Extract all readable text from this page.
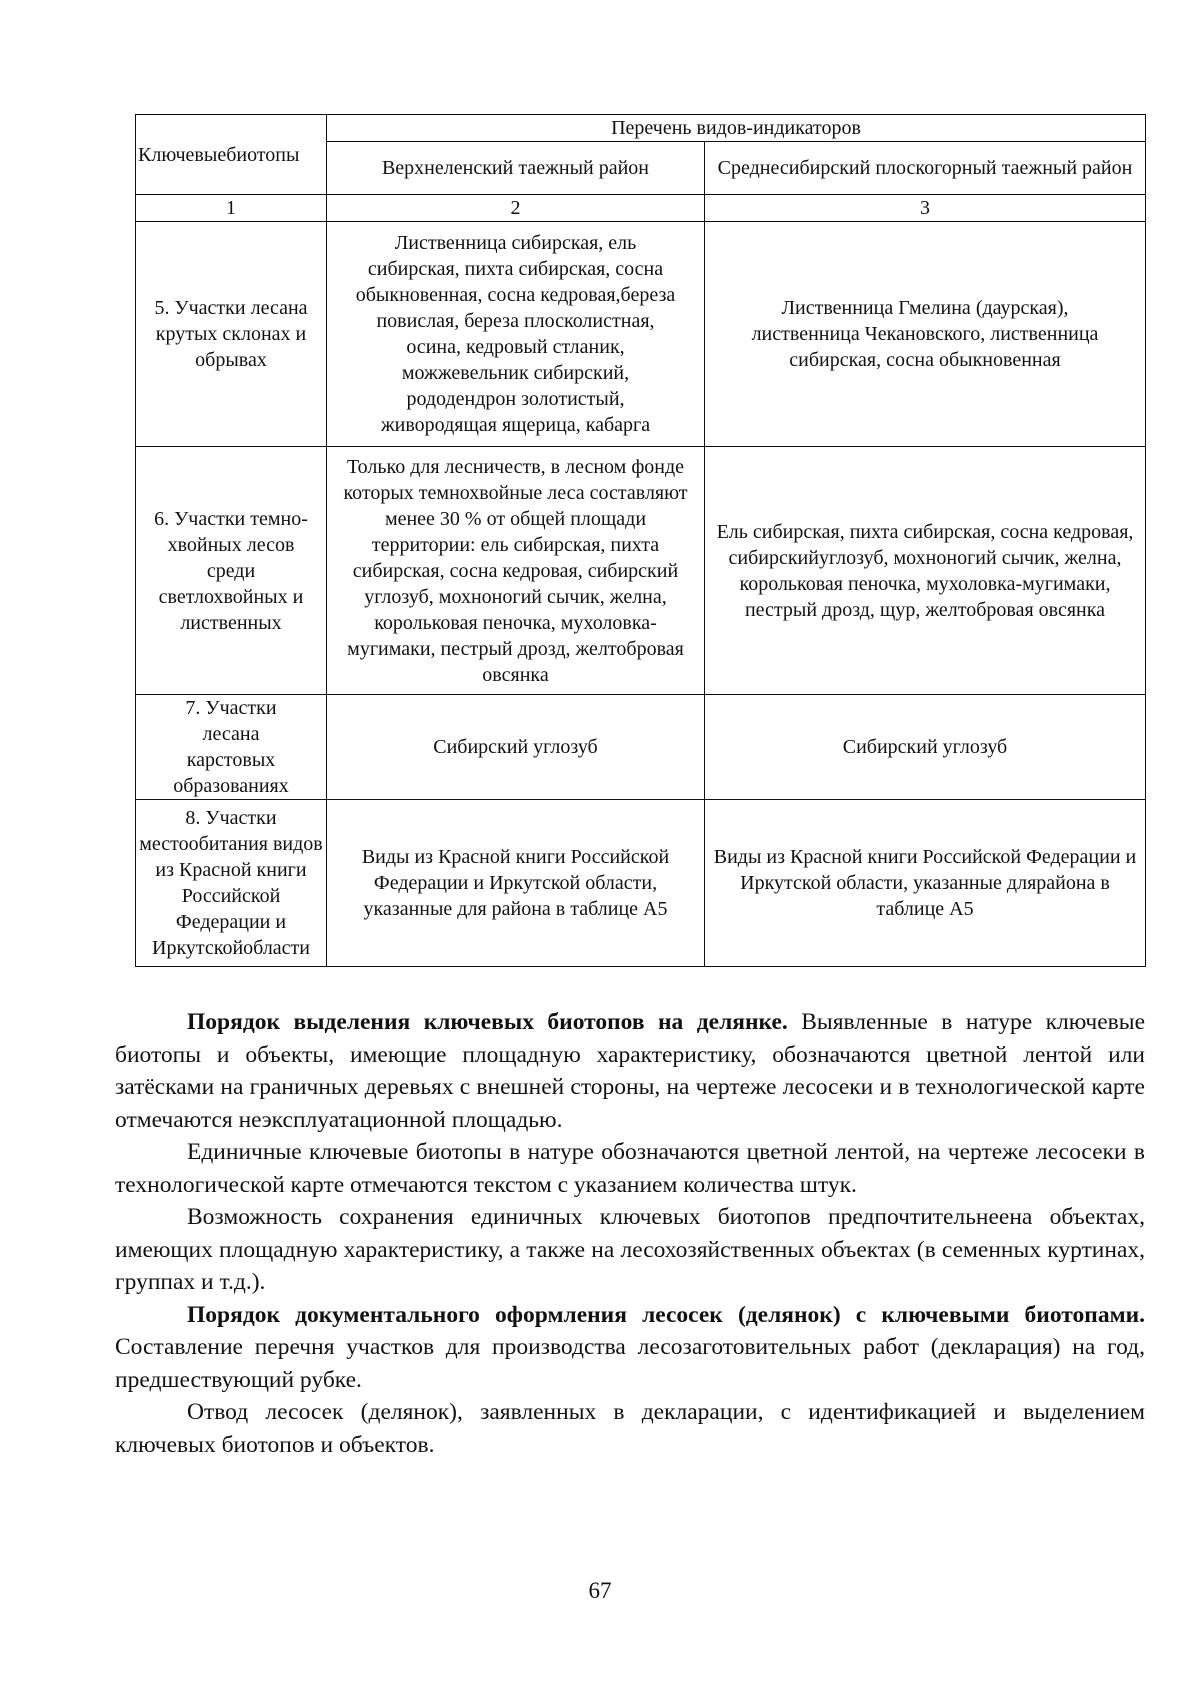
Ключевыебиотопы	Перечень видов-индикаторов	
	Верхнеленский таежный район	Среднесибирский плоскогорный таежный район
1	2	3
5. Участки лесана крутых склонах и обрывах	Лиственница сибирская, ель сибирская, пихта сибирская, сосна обыкновенная, сосна кедровая,береза повислая, береза плосколистная, осина, кедровый стланик, можжевельник сибирский, рододендрон золотистый, живородящая ящерица, кабарга	Лиственница Гмелина (даурская), лиственница Чекановского, лиственница сибирская, сосна обыкновенная
6. Участки темно-хвойных лесов среди светлохвойных и лиственных	Только для лесничеств, в лесном фонде которых темнохвойные леса составляют менее 30 % от общей площади территории: ель сибирская, пихта сибирская, сосна кедровая, сибирский углозуб, мохноногий сычик, желна, корольковая пеночка, мухоловка-мугимаки, пестрый дрозд, желтобровая овсянка	Ель сибирская, пихта сибирская, сосна кедровая, сибирскийуглозуб, мохноногий сычик, желна, корольковая пеночка, мухоловка-мугимаки, пестрый дрозд, щур, желтобровая овсянка
7. Участки лесана карстовых образованиях	Сибирский углозуб	Сибирский углозуб
8. Участки местообитания видов из Красной книги Российской Федерации и Иркутскойобласти	Виды из Красной книги Российской Федерации и Иркутской области, указанные для района в таблице А5	Виды из Красной книги Российской Федерации и Иркутской области, указанные длярайона в таблице А5

Порядок выделения ключевых биотопов на делянке. Выявленные в натуре ключевые биотопы и объекты, имеющие площадную характеристику, обозначаются цветной лентой или затёсками на граничных деревьях с внешней стороны, на чертеже лесосеки и в технологической карте отмечаются неэксплуатационной площадью.

Единичные ключевые биотопы в натуре обозначаются цветной лентой, на чертеже лесосеки в технологической карте отмечаются текстом с указанием количества штук.

Возможность сохранения единичных ключевых биотопов предпочтительнеена объектах, имеющих площадную характеристику, а также на лесохозяйственных объектах (в семенных куртинах, группах и т.д.).

Порядок документального оформления лесосек (делянок) с ключевыми биотопами. Составление перечня участков для производства лесозаготовительных работ (декларация) на год, предшествующий рубке.

Отвод лесосек (делянок), заявленных в декларации, с идентификацией и выделением ключевых биотопов и объектов.

67
